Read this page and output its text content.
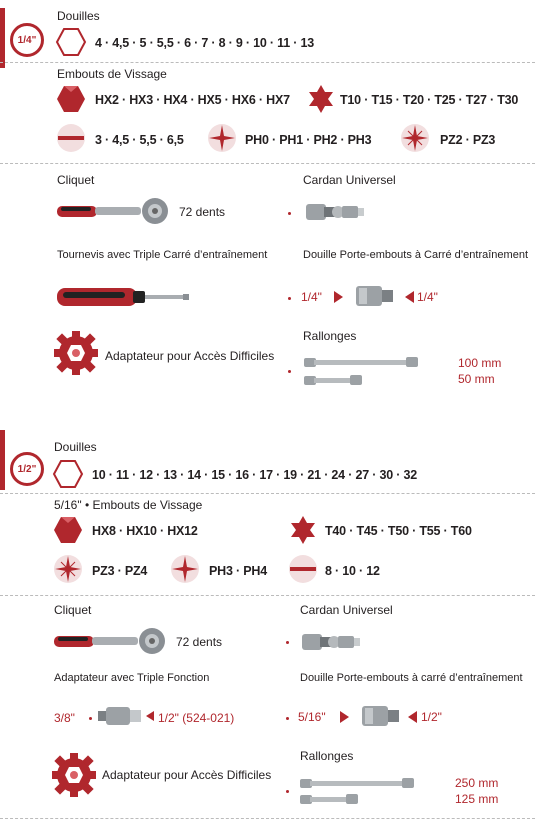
1/4"
Douilles
4 · 4,5 · 5 · 5,5 · 6 · 7 · 8 · 9 · 10 · 11 · 13
Embouts de Vissage
HX2 · HX3 · HX4 · HX5 · HX6 · HX7	T10 · T15 · T20 · T25 · T27 · T30
3 · 4,5 · 5,5 · 6,5	PH0 · PH1 · PH2 · PH3	PZ2 · PZ3
Cliquet
72 dents
Cardan Universel
Tournevis avec Triple Carré d’entraînement	Douille Porte-embouts à Carré d’entraînement
1/4"	1/4"
Adaptateur pour Accès Difficiles
Rallonges
100 mm
50 mm
1/2"
Douilles
10 · 11 · 12 · 13 · 14 · 15 · 16 · 17 · 19 · 21 · 24 · 27 · 30 · 32
5/16" • Embouts de Vissage
HX8 · HX10 · HX12	T40 · T45 · T50 · T55 · T60
PZ3 · PZ4	PH3 · PH4	8 · 10 · 12
Cliquet
72 dents
Cardan Universel
Adaptateur avec Triple Fonction
3/8"	1/2" (524-021)
Douille Porte-embouts à carré d’entraînement
5/16"	1/2"
Adaptateur pour Accès Difficiles
Rallonges
250 mm
125 mm
